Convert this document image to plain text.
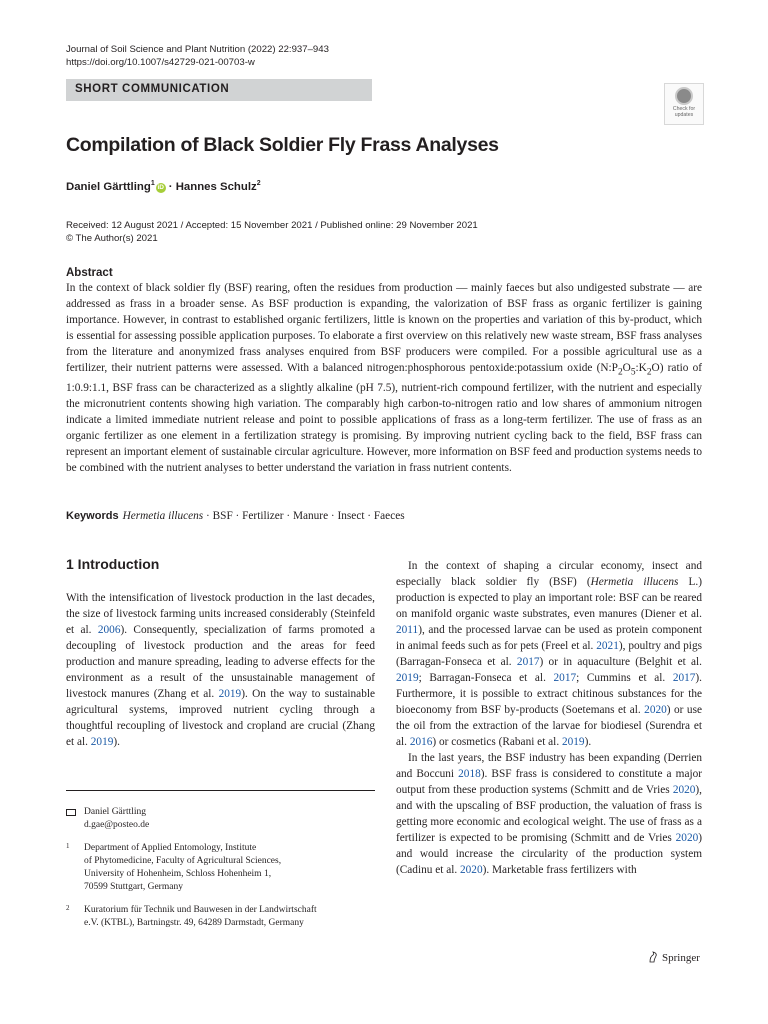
Journal of Soil Science and Plant Nutrition (2022) 22:937–943
https://doi.org/10.1007/s42729-021-00703-w
SHORT COMMUNICATION
Check for
updates
Compilation of Black Soldier Fly Frass Analyses
Daniel Gärttling$^1$iD · Hannes Schulz$^2$
Received: 12 August 2021 / Accepted: 15 November 2021 / Published online: 29 November 2021
© The Author(s) 2021
Abstract
In the context of black soldier fly (BSF) rearing, often the residues from production — mainly faeces but also undigested substrate — are addressed as frass in a broader sense. As BSF production is expanding, the valorization of BSF frass as organic fertilizer is gaining importance. However, in contrast to established organic fertilizers, little is known on the properties and variation of this by-product, which is essential for assessing possible application purposes. To elaborate a first overview on this relatively new waste stream, BSF frass analyses from the literature and anonymized frass analyses enquired from BSF producers were compiled. For a possible agricultural use as a fertilizer, their nutrient patterns were assessed. With a balanced nitrogen:phosphorous pentoxide:potassium oxide $(N:P_2O_5:K_2O)$ ratio of 1:0.9:1.1, BSF frass can be characterized as a slightly alkaline (pH 7.5), nutrient-rich compound fertilizer, with the nutrient and especially the micronutrient contents showing high variation. The comparably high carbon-to-nitrogen ratio and low shares of ammonium nitrogen indicate a limited immediate nutrient release and point to possible applications of frass as a long-term fertilizer. The use of frass as an organic fertilizer as one element in a fertilization strategy is promising. By improving nutrient cycling back to the field, BSF frass can represent an important element of sustainable circular agriculture. However, more information on BSF feed and production systems needs to be combined with the nutrient analyses to better understand the variation in frass nutrient contents.
Keywords Hermetia illucens · BSF · Fertilizer · Manure · Insect · Faeces
1 Introduction

With the intensification of livestock production in the last decades, the size of livestock farming units increased considerably (Steinfeld et al. 2006). Consequently, specialization of farms promoted a decoupling of livestock production and the areas for feed production and manure spreading, leading to adverse effects for the environment as a result of the unsustainable management of livestock manures (Zhang et al. 2019). On the way to sustainable agricultural systems, improved nutrient cycling through a thoughtful recoupling of livestock and cropland are crucial (Zhang et al. 2019).

In the context of shaping a circular economy, insect and especially black soldier fly (BSF) (Hermetia illucens L.) production is expected to play an important role: BSF can be reared on manifold organic waste substrates, even manures (Diener et al. 2011), and the processed larvae can be used as protein component in animal feeds such as for pets (Freel et al. 2021), poultry and pigs (Barragan-Fonseca et al. 2017) or in aquaculture (Belghit et al. 2019; Barragan-Fonseca et al. 2017; Cummins et al. 2017). Furthermore, it is possible to extract chitinous substances for the bioeconomy from BSF by-products (Soetemans et al. 2020) or use the oil from the extraction of the larvae for biodiesel (Surendra et al. 2016) or cosmetics (Rabani et al. 2019).

In the last years, the BSF industry has been expanding (Derrien and Boccuni 2018). BSF frass is considered to constitute a major output from these production systems (Schmitt and de Vries 2020), and with the upscaling of BSF production, the valuation of frass is getting more economic and ecological weight. The use of frass as a fertilizer is expected to be promising (Schmitt and de Vries 2020) and would increase the circularity of the production system (Cadinu et al. 2020). Marketable frass fertilizers with

Daniel Gärttling
d.gae@posteo.de
1 Department of Applied Entomology, Institute
of Phytomedicine, Faculty of Agricultural Sciences,
University of Hohenheim, Schloss Hohenheim 1,
70599 Stuttgart, Germany
2 Kuratorium für Technik und Bauwesen in der Landwirtschaft
e.V. (KTBL), Bartningstr. 49, 64289 Darmstadt, Germany
Springer
